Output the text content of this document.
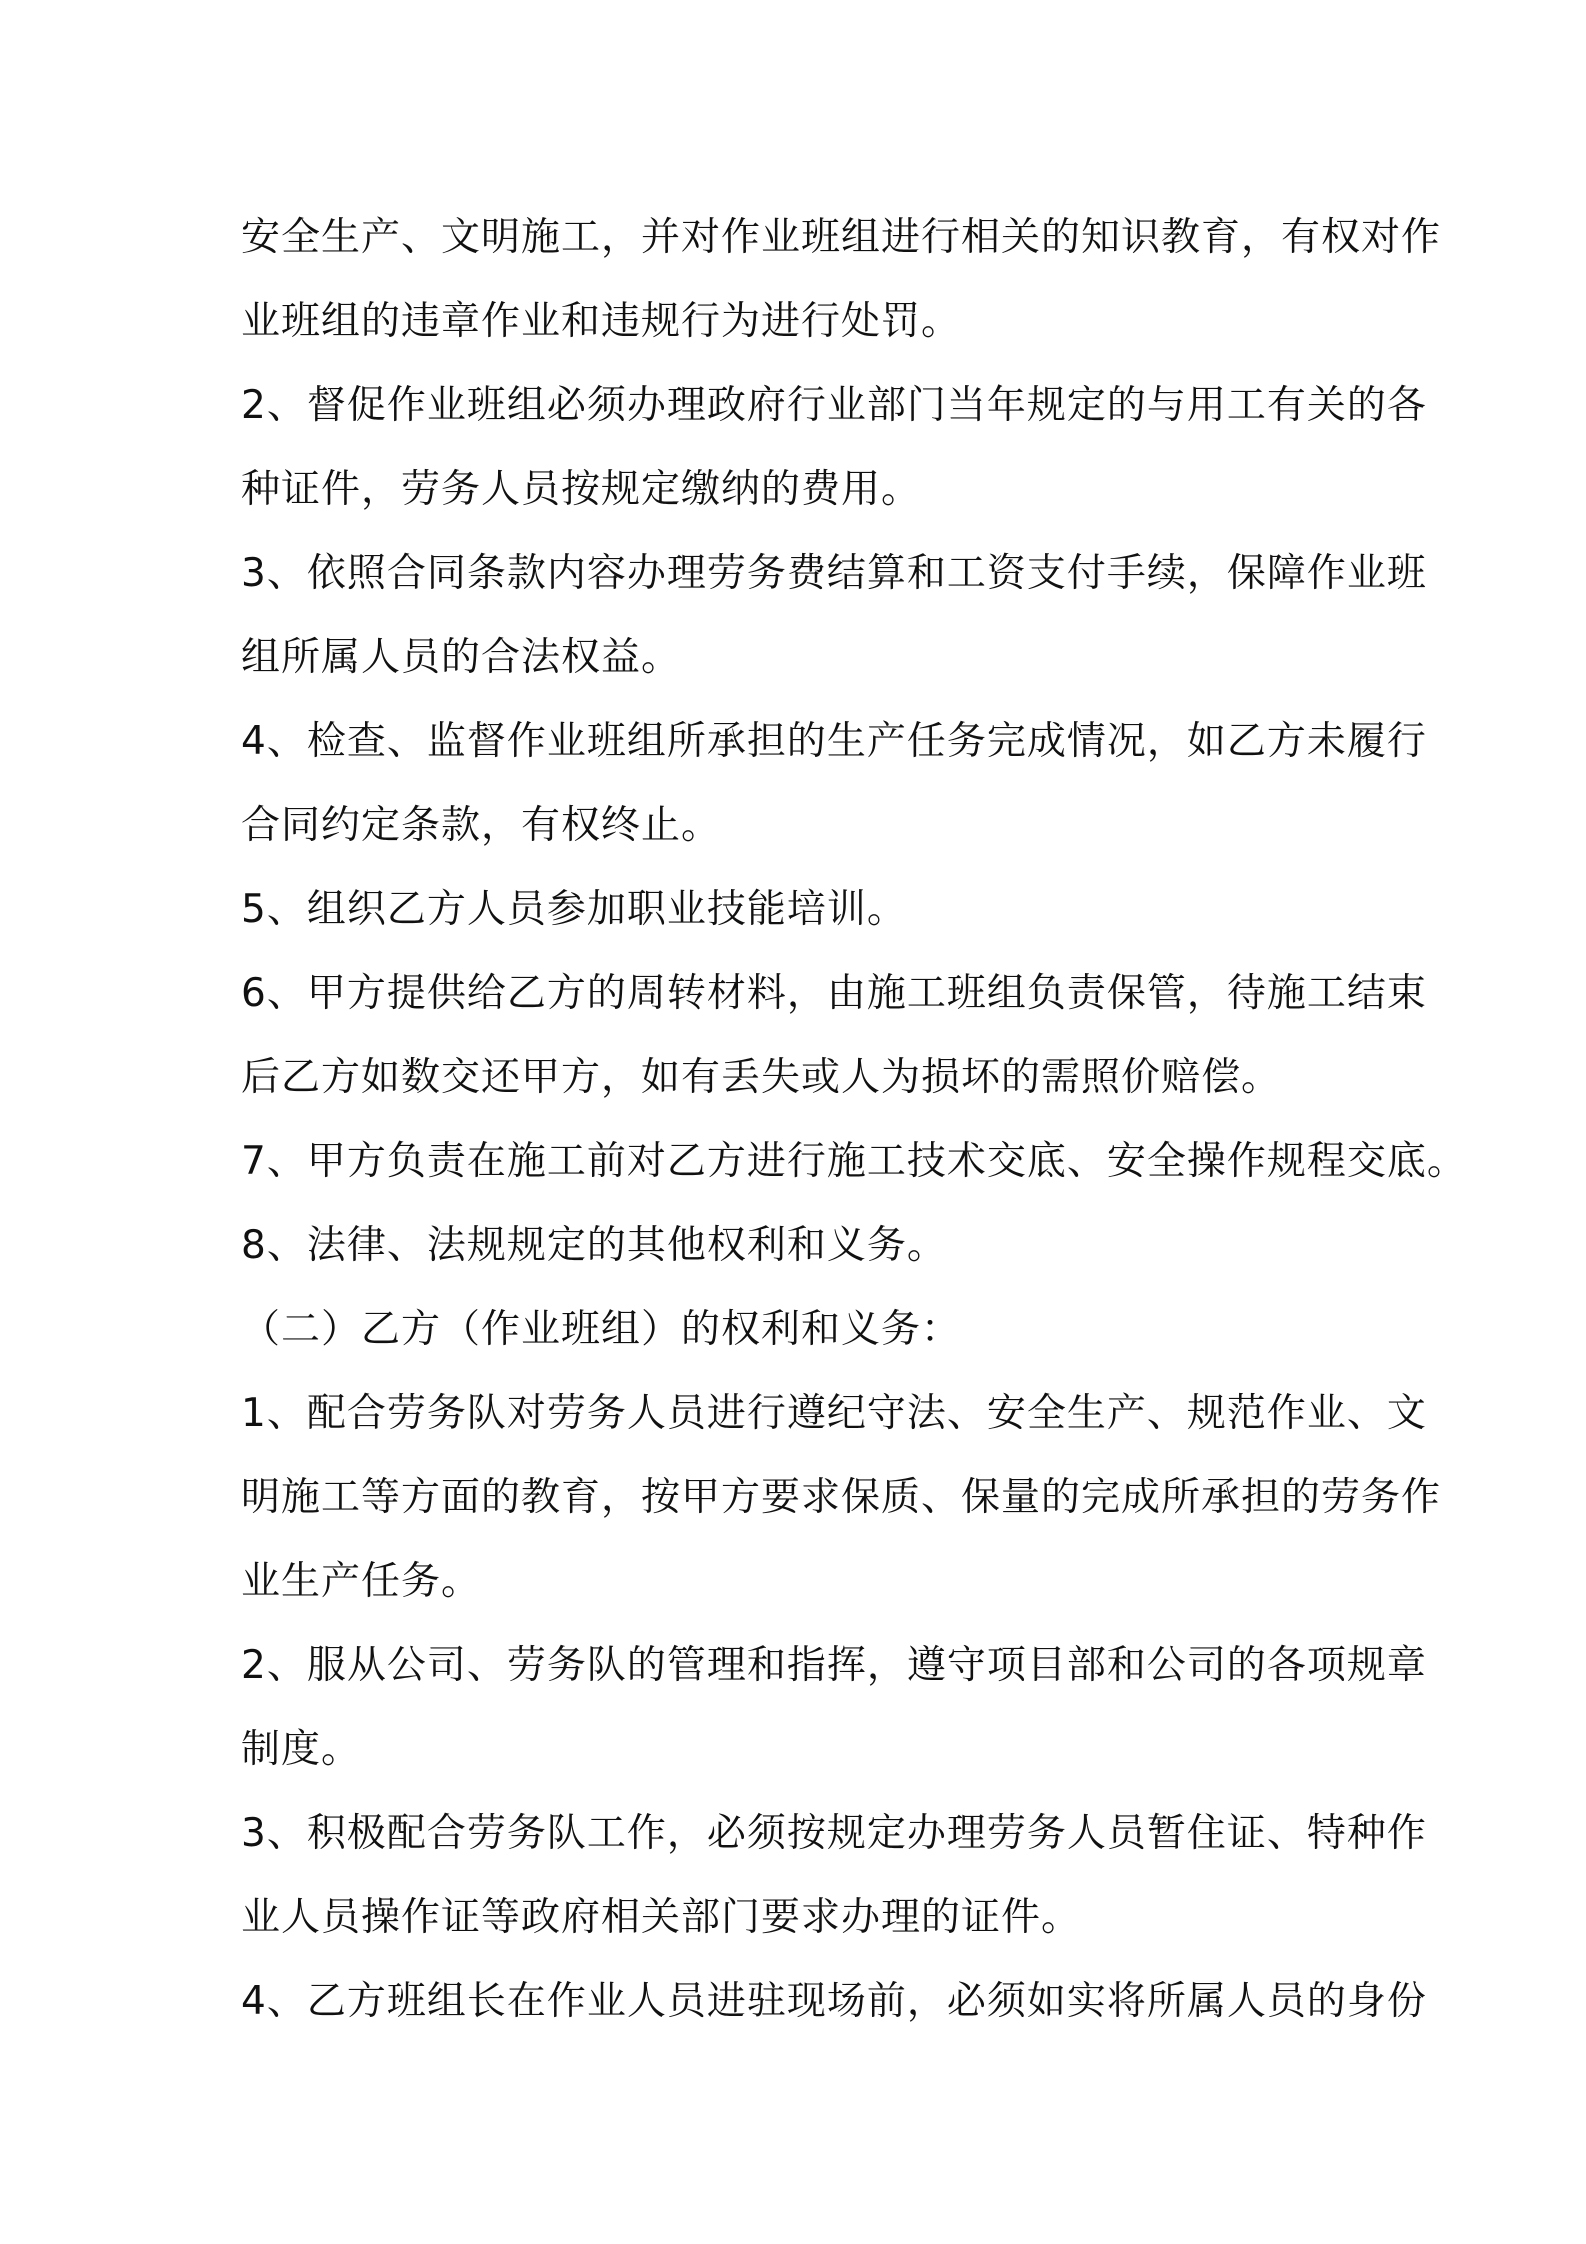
安全生产、文明施工，并对作业班组进行相关的知识教育，有权对作
业班组的违章作业和违规行为进行处罚。
2、督促作业班组必须办理政府行业部门当年规定的与用工有关的各
种证件，劳务人员按规定缴纳的费用。
3、依照合同条款内容办理劳务费结算和工资支付手续，保障作业班
组所属人员的合法权益。
4、检查、监督作业班组所承担的生产任务完成情况，如乙方未履行
合同约定条款，有权终止。
5、组织乙方人员参加职业技能培训。
6、甲方提供给乙方的周转材料，由施工班组负责保管，待施工结束
后乙方如数交还甲方，如有丢失或人为损坏的需照价赔偿。
7、甲方负责在施工前对乙方进行施工技术交底、安全操作规程交底。
8、法律、法规规定的其他权利和义务。
（二）乙方（作业班组）的权利和义务：
1、配合劳务队对劳务人员进行遵纪守法、安全生产、规范作业、文
明施工等方面的教育，按甲方要求保质、保量的完成所承担的劳务作
业生产任务。
2、服从公司、劳务队的管理和指挥，遵守项目部和公司的各项规章
制度。
3、积极配合劳务队工作，必须按规定办理劳务人员暂住证、特种作
业人员操作证等政府相关部门要求办理的证件。
4、乙方班组长在作业人员进驻现场前，必须如实将所属人员的身份
